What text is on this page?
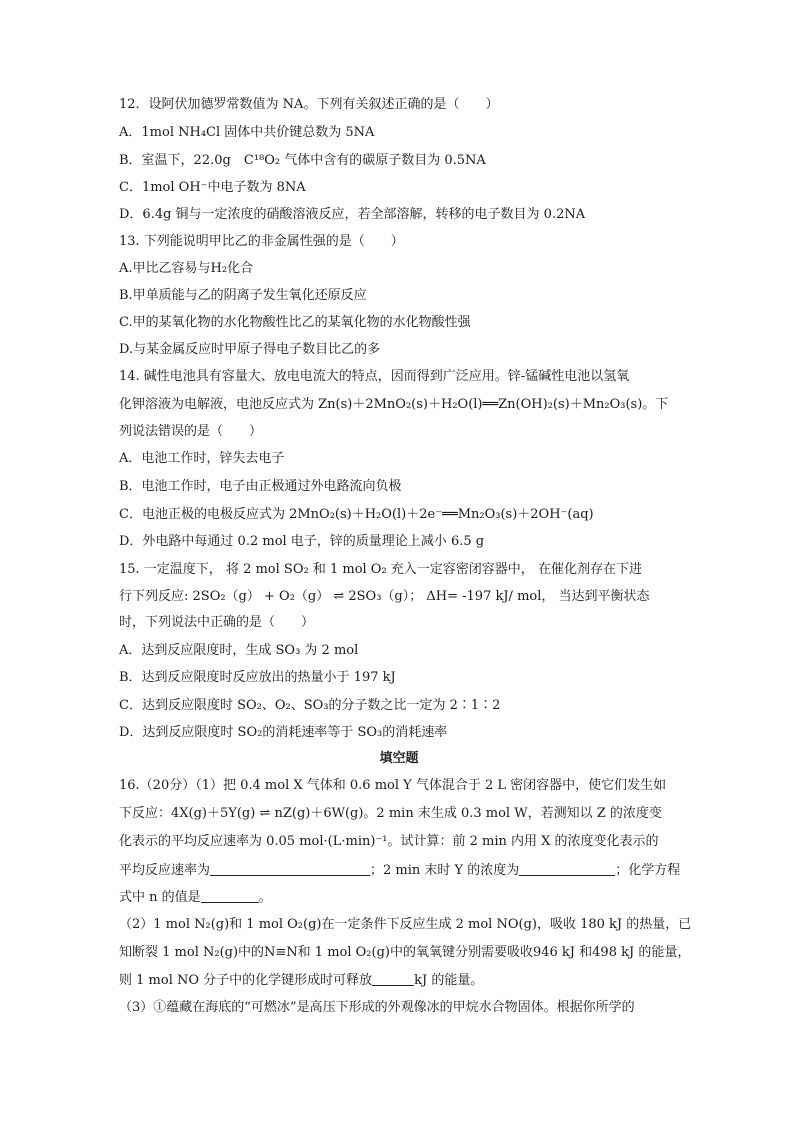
12．设阿伏加德罗常数值为 NA。下列有关叙述正确的是（　　）
A．1mol NH₄Cl 固体中共价键总数为 5NA
B．室温下，22.0g　C¹⁸O₂ 气体中含有的碳原子数目为 0.5NA
C．1mol OH⁻中电子数为 8NA
D．6.4g 铜与一定浓度的硝酸溶液反应，若全部溶解，转移的电子数目为 0.2NA
13. 下列能说明甲比乙的非金属性强的是（　　）
A.甲比乙容易与H₂化合
B.甲单质能与乙的阴离子发生氧化还原反应
C.甲的某氧化物的水化物酸性比乙的某氧化物的水化物酸性强
D.与某金属反应时甲原子得电子数目比乙的多
14. 碱性电池具有容量大、放电电流大的特点，因而得到广泛应用。锌-锰碱性电池以氢氧
化钾溶液为电解液，电池反应式为 Zn(s)＋2MnO₂(s)＋H₂O(l)══Zn(OH)₂(s)＋Mn₂O₃(s)。下
列说法错误的是（　　）
A．电池工作时，锌失去电子
B．电池工作时，电子由正极通过外电路流向负极
C．电池正极的电极反应式为 2MnO₂(s)＋H₂O(l)＋2e⁻══Mn₂O₃(s)＋2OH⁻(aq)
D．外电路中每通过 0.2 mol 电子，锌的质量理论上减小 6.5 g
15. 一定温度下， 将 2 mol SO₂ 和 1 mol O₂ 充入一定容密闭容器中， 在催化剂存在下进
行下列反应: 2SO₂（g） + O₂（g） ⇌ 2SO₃（g）； ΔH= -197 kJ/ mol， 当达到平衡状态
时，下列说法中正确的是（　　）
A．达到反应限度时，生成 SO₃ 为 2 mol
B．达到反应限度时反应放出的热量小于 197 kJ
C．达到反应限度时 SO₂、O₂、SO₃的分子数之比一定为 2∶1∶2
D．达到反应限度时 SO₂的消耗速率等于 SO₃的消耗速率
填空题
16.（20分）（1）把 0.4 mol X 气体和 0.6 mol Y 气体混合于 2 L 密闭容器中，使它们发生如
下反应：4X(g)＋5Y(g) ⇌ nZ(g)＋6W(g)。2 min 末生成 0.3 mol W，若测知以 Z 的浓度变
化表示的平均反应速率为 0.05 mol·(L·min)⁻¹。试计算：前 2 min 内用 X 的浓度变化表示的
平均反应速率为	；2 min 末时 Y 的浓度为	；化学方程
式中 n 的值是	。
（2）1 mol N₂(g)和 1 mol O₂(g)在一定条件下反应生成 2 mol NO(g)，吸收 180 kJ 的热量，已
知断裂 1 mol N₂(g)中的N≡N和 1 mol O₂(g)中的氧氧键分别需要吸收946 kJ 和498 kJ 的能量，
则 1 mol NO 分子中的化学键形成时可释放	kJ 的能量。
（3）①蕴藏在海底的“可燃冰”是高压下形成的外观像冰的甲烷水合物固体。根据你所学的
